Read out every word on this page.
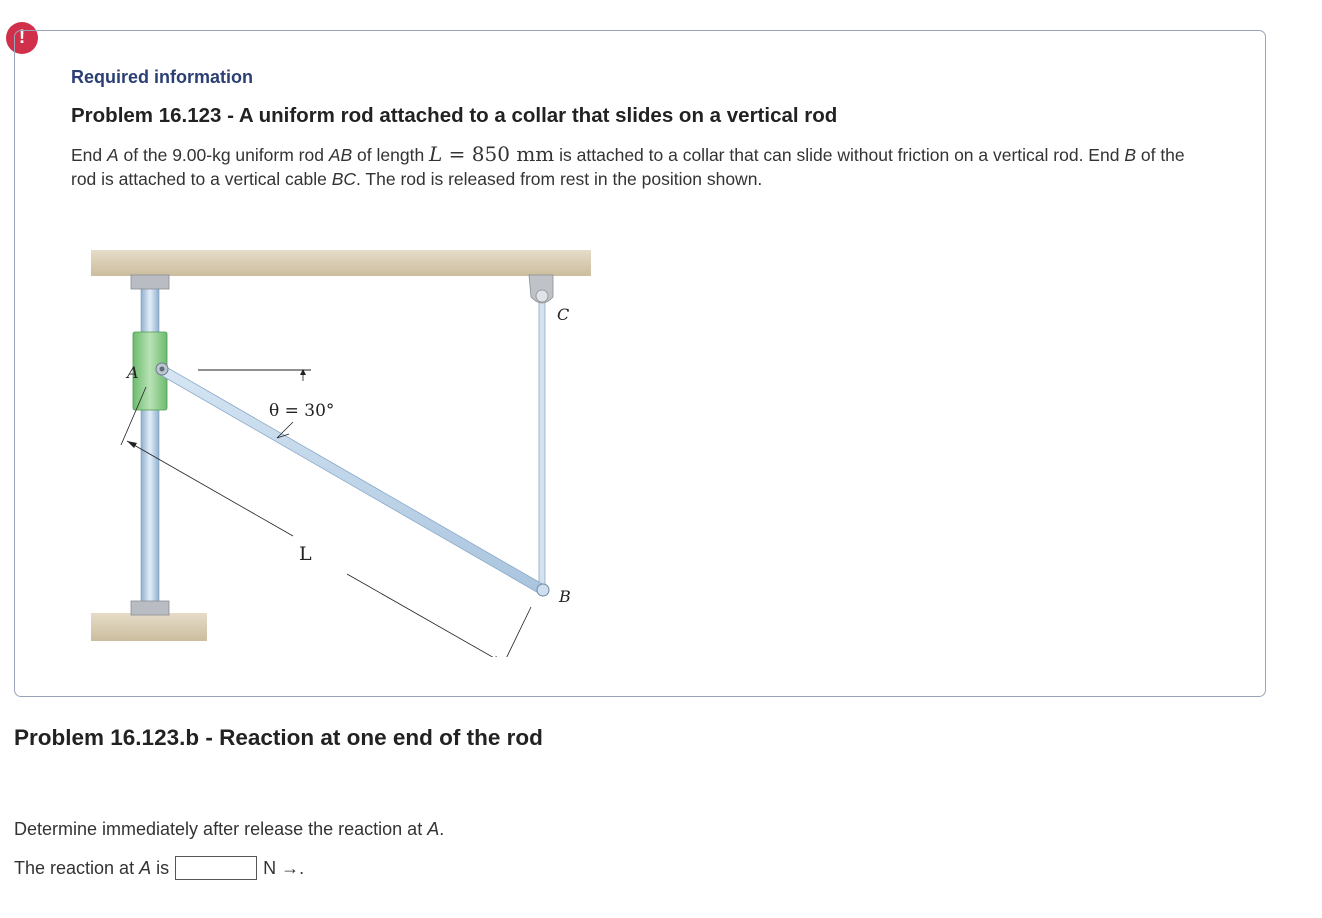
!
Required information
Problem 16.123 - A uniform rod attached to a collar that slides on a vertical rod
End A of the 9.00-kg uniform rod AB of length L = 850 mm is attached to a collar that can slide without friction on a vertical rod. End B of the rod is attached to a vertical cable BC. The rod is released from rest in the position shown.
A
C
B
L
θ = 30°
Problem 16.123.b - Reaction at one end of the rod
Determine immediately after release the reaction at A.
The reaction at A is	N →.
